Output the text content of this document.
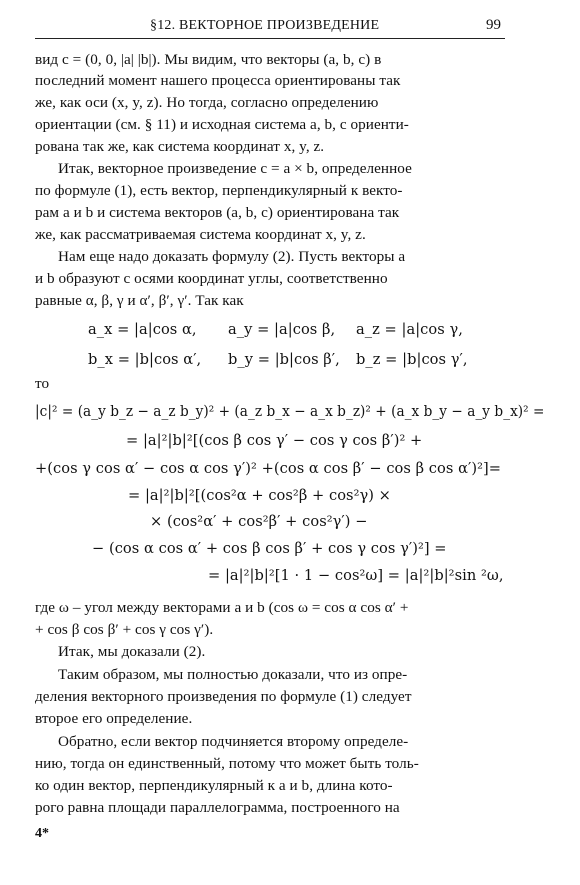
§12. ВЕКТОРНОЕ ПРОИЗВЕДЕНИЕ	99
вид c = (0, 0, |a| |b|). Мы видим, что векторы (a, b, c) в
последний момент нашего процесса ориентированы так
же, как оси (x, y, z). Но тогда, согласно определению
ориентации (см. § 11) и исходная система a, b, c ориенти-
рована так же, как система координат x, y, z.
Итак, векторное произведение c = a × b, определенное
по формуле (1), есть вектор, перпендикулярный к векто-
рам a и b и система векторов (a, b, c) ориентирована так
же, как рассматриваемая система координат x, y, z.
Нам еще надо доказать формулу (2). Пусть векторы a
и b образуют с осями координат углы, соответственно
равные α, β, γ и α′, β′, γ′. Так как
a_x = |a|cos α, a_y = |a|cos β, a_z = |a|cos γ,
b_x = |b|cos α′, b_y = |b|cos β′, b_z = |b|cos γ′,
то
|c|² = (a_y b_z − a_z b_y)² + (a_z b_x − a_x b_z)² + (a_x b_y − a_y b_x)² =
= |a|²|b|²[(cos β cos γ′ − cos γ cos β′)² +
+(cos γ cos α′ − cos α cos γ′)² +(cos α cos β′ − cos β cos α′)²]=
= |a|²|b|²[(cos²α + cos²β + cos²γ) ×
× (cos²α′ + cos²β′ + cos²γ′) −
− (cos α cos α′ + cos β cos β′ + cos γ cos γ′)²] =
= |a|²|b|²[1 · 1 − cos²ω] = |a|²|b|²sin ²ω,
где ω – угол между векторами a и b (cos ω = cos α cos α′ +
+ cos β cos β′ + cos γ cos γ′).
Итак, мы доказали (2).
Таким образом, мы полностью доказали, что из опре-
деления векторного произведения по формуле (1) следует
второе его определение.
Обратно, если вектор подчиняется второму определе-
нию, тогда он единственный, потому что может быть толь-
ко один вектор, перпендикулярный к a и b, длина кото-
рого равна площади параллелограмма, построенного на
4*
